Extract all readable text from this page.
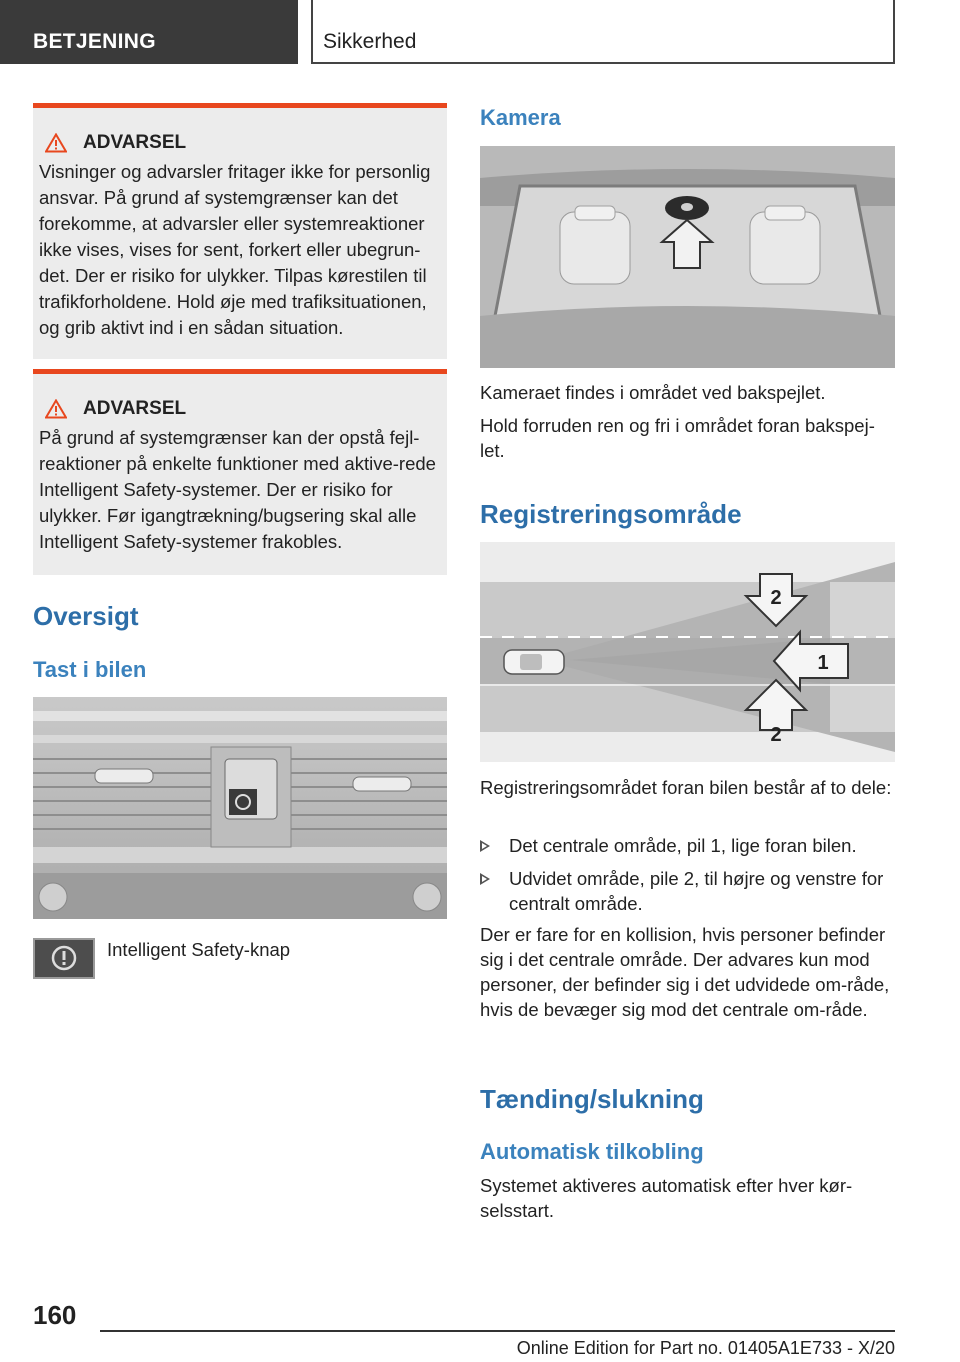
BETJENING	Sikkerhed
ADVARSEL
Visninger og advarsler fritager ikke for personlig ansvar. På grund af systemgrænser kan det forekomme, at advarsler eller systemreaktioner ikke vises, vises for sent, forkert eller ubegrun-det. Der er risiko for ulykker. Tilpas kørestilen til trafikforholdene. Hold øje med trafiksituationen, og grib aktivt ind i en sådan situation.
ADVARSEL
På grund af systemgrænser kan der opstå fejl-reaktioner på enkelte funktioner med aktive-rede Intelligent Safety-systemer. Der er risiko for ulykker. Før igangtrækning/bugsering skal alle Intelligent Safety-systemer frakobles.
Oversigt
Tast i bilen

Intelligent Safety-knap

Kamera

Kameraet findes i området ved bakspejlet.

Hold forruden ren og fri i området foran bakspej-let.

Registreringsområde
2
1
2

Registreringsområdet foran bilen består af to dele:

Det centrale område, pil 1, lige foran bilen.
Udvidet område, pile 2, til højre og venstre for centralt område.

Der er fare for en kollision, hvis personer befinder sig i det centrale område. Der advares kun mod personer, der befinder sig i det udvidede om-råde, hvis de bevæger sig mod det centrale om-råde.

Tænding/slukning
Automatisk tilkobling

Systemet aktiveres automatisk efter hver kør-selsstart.

160
Online Edition for Part no. 01405A1E733 - X/20
